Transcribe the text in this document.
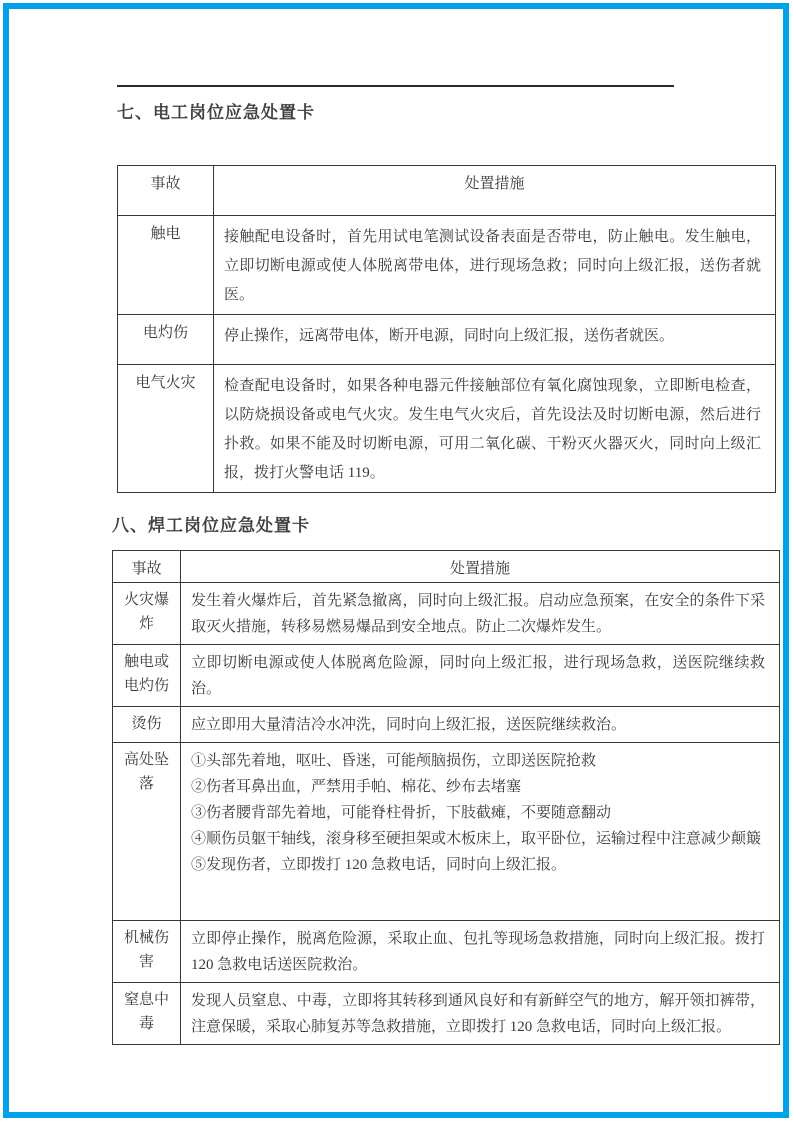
七、电工岗位应急处置卡
事故	处置措施
触电	接触配电设备时，首先用试电笔测试设备表面是否带电，防止触电。发生触电，立即切断电源或使人体脱离带电体，进行现场急救；同时向上级汇报，送伤者就医。
电灼伤	停止操作，远离带电体，断开电源，同时向上级汇报，送伤者就医。
电气火灾	检查配电设备时，如果各种电器元件接触部位有氧化腐蚀现象，立即断电检查，以防烧损设备或电气火灾。发生电气火灾后，首先设法及时切断电源，然后进行扑救。如果不能及时切断电源，可用二氧化碳、干粉灭火器灭火，同时向上级汇报，拨打火警电话 119。
八、焊工岗位应急处置卡
事故	处置措施
火灾爆炸	发生着火爆炸后，首先紧急撤离，同时向上级汇报。启动应急预案，在安全的条件下采取灭火措施，转移易燃易爆品到安全地点。防止二次爆炸发生。
触电或电灼伤	立即切断电源或使人体脱离危险源，同时向上级汇报，进行现场急救，送医院继续救治。
烫伤	应立即用大量清洁冷水冲洗，同时向上级汇报，送医院继续救治。
高处坠落	①头部先着地，呕吐、昏迷，可能颅脑损伤，立即送医院抢救
②伤者耳鼻出血，严禁用手帕、棉花、纱布去堵塞
③伤者腰背部先着地，可能脊柱骨折，下肢截瘫，不要随意翻动
④顺伤员躯干轴线，滚身移至硬担架或木板床上，取平卧位，运输过程中注意减少颠簸
⑤发现伤者，立即拨打 120 急救电话，同时向上级汇报。

机械伤害	立即停止操作，脱离危险源，采取止血、包扎等现场急救措施，同时向上级汇报。拨打 120 急救电话送医院救治。
窒息中毒	发现人员窒息、中毒，立即将其转移到通风良好和有新鲜空气的地方，解开领扣裤带，注意保暖，采取心肺复苏等急救措施，立即拨打 120 急救电话，同时向上级汇报。
